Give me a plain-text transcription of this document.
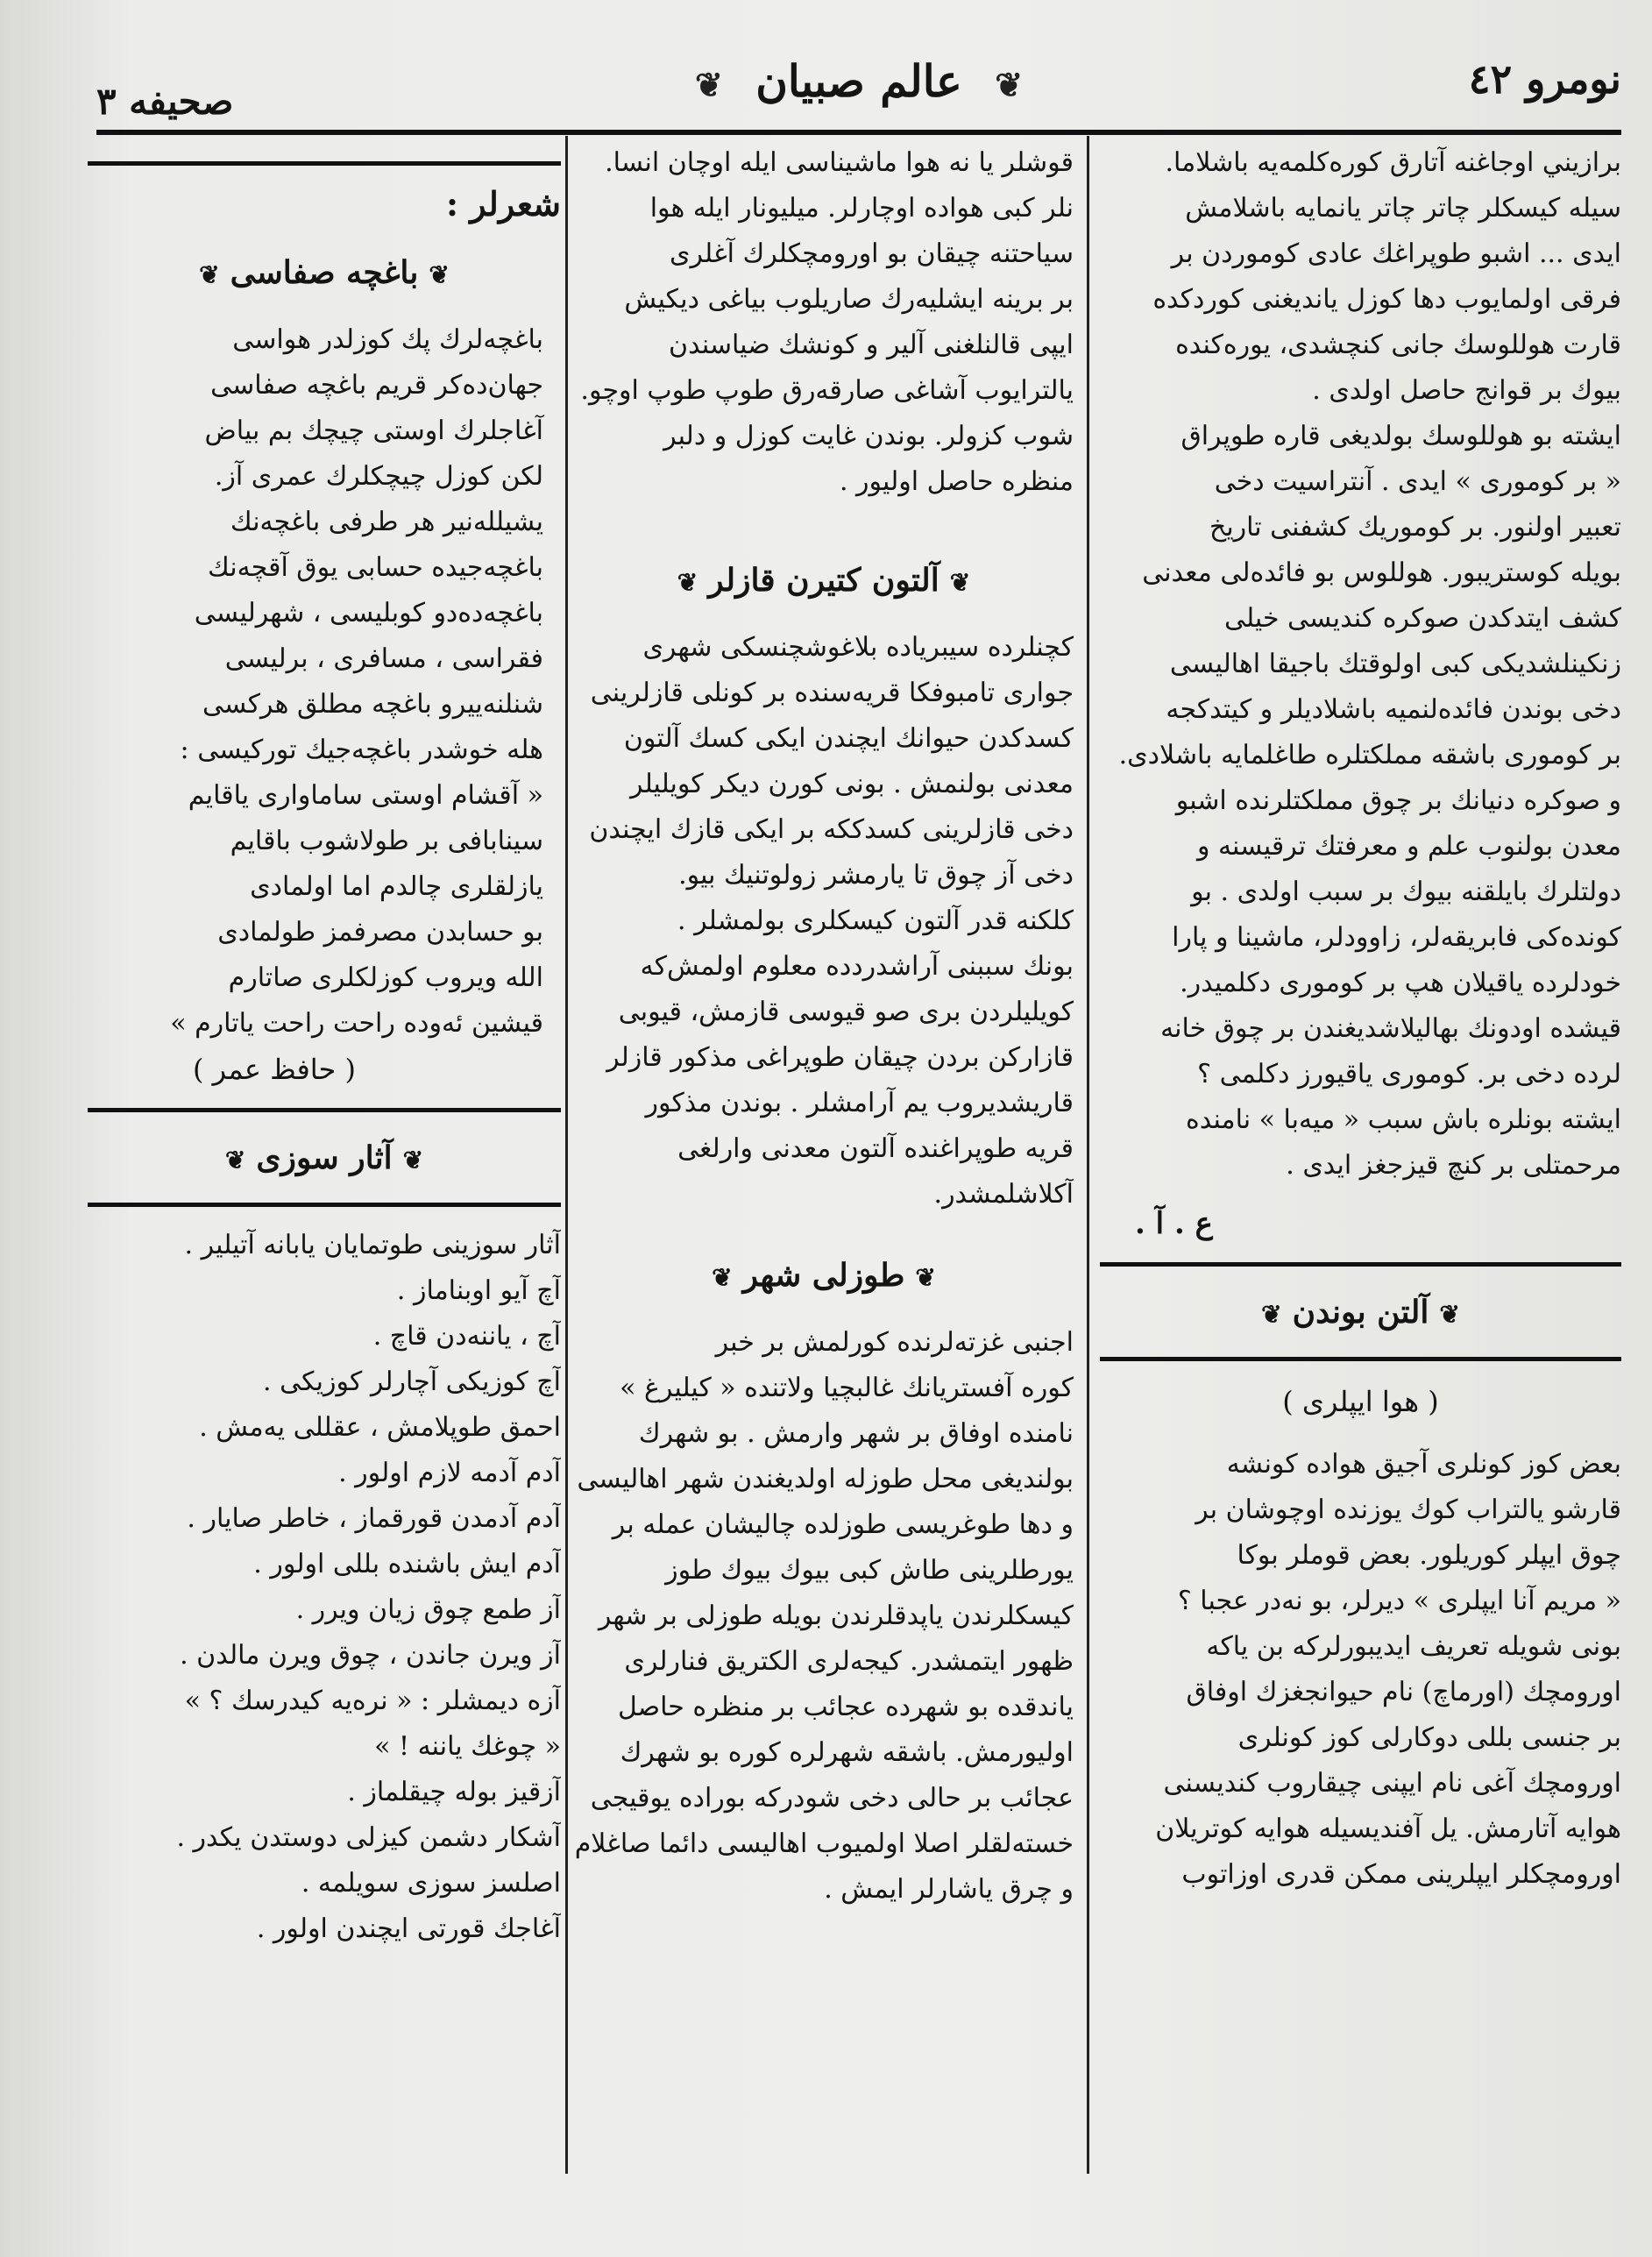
نومرو ٤٢
❦ عالم صبيان ❦
صحيفه ٣

برازيني اوجاغنه آتارق كوره‌كلمه‌يه باشلاما.

سيله كيسكلر چاتر چاتر يانمايه باشلامش

ايدی ... اشبو طوپراغك عادی كوموردن بر

فرقی اولمايوب دها كوزل يانديغنی كوردكده

قارت هوللوسك جانی كنچشدی، يوره‌كنده

بيوك بر قوانج حاصل اولدی .

ايشته بو هوللوسك بولديغی قاره طوپراق

« بر كوموری » ايدی . آنتراسيت دخی

تعبير اولنور. بر كوموريك كشفنی تاريخ

بويله كوستريبور. هوللوس بو فائده‌لی معدنی

كشف ايتدكدن صوكره كنديسی خيلی

زنكينلشديكی كبی اولوقتك باجيقا اهاليسی

دخی بوندن فائده‌لنميه باشلاديلر و كيتدكجه

بر كوموری باشقه مملكتلره طاغلمايه باشلادی.

و صوكره دنيانك بر چوق مملكتلرنده اشبو

معدن بولنوب علم و معرفتك ترقيسنه و

دولتلرك بايلقنه بيوك بر سبب اولدی . بو

كوندەكی فابريقه‌لر، زاوودلر، ماشينا و پارا

خودلرده ياقيلان هپ بر كوموری دكلميدر.

قيشده اودونك بهاليلاشديغندن بر چوق خانه‌

لرده دخی بر. كوموری ياقيورز دكلمی ؟

ايشته بونلره باش سبب « ميه‌با » نامنده

مرحمتلی بر كنچ قيزجغز ايدی .

ع . آ .
❦آلتن بوندن❦
( هوا ايپلری )

بعض كوز كونلری آجيق هوادە كونشه

قارشو يالتراب كوك يوزنده اوچوشان بر

چوق ايپلر كوريلور. بعض قوملر بوكا

« مريم آنا ايپلری » ديرلر، بو نه‌در عجبا ؟

بونی شويله تعريف ايديبورلركه بن ياكه

اورومچك (اورماچ) نام حيوانجغزك اوفاق

بر جنسی بللی دوكارلی كوز كونلری

اورومچك آغی نام ايپنی چيقاروب كنديسنی

هوايه آتارمش. يل آفنديسيله هوايه كوتريلان

اورومچكلر ايپلرينی ممكن قدری اوزاتوب

قوشلر يا نه هوا ماشيناسی ايله اوچان انسا.

نلر كبی هوادە اوچارلر. ميليونار ايله هوا

سياحتنه چيقان بو اورومچكلرك آغلری

بر برينه ايشليه‌رك صاريلوب بياغی ديكيش

ايپی قالنلغنی آلير و كونشك ضياسندن

يالترايوب آشاغی صارقه‌رق طوپ طوپ اوچو.

شوب كزولر. بوندن غايت كوزل و دلبر

منظره حاصل اوليور .

❦آلتون كتيرن قازلر❦

كچنلرده سيبريا‌ده بلاغوشچنسكی شهری

جواری تامبوفكا قريه‌سنده بر كونلی قازلرينی

كسدكدن حيوانك ايچندن ايكی كسك آلتون

معدنی بولنمش . بونی كورن ديكر كويليلر

دخی قازلرينی كسدككه بر ايكی قازك ايچندن

دخی آز چوق تا يارمشر زولوتنيك بيو.

كلكنه قدر آلتون كيسكلری بولمشلر .

بونك سببنی آراشدرددە معلوم اولمش‌كه

كويليلردن بری صو قيوسی قازمش، قيوبی

قازاركن بردن چيقان طوپراغی مذكور قازلر

قاريشديروب يم آرامشلر . بوندن مذكور

قريه طوپراغنده آلتون معدنی وارلغی

آكلاشلمشدر.

❦طوزلی شهر❦

اجنبی غزته‌لرنده كورلمش بر خبر

كوره آفستريانك غالبچيا ولاتنده « كيليرغ »

نامنده اوفاق بر شهر وارمش . بو شهرك

بولنديغی محل طوزله اولديغندن شهر اهاليسی

و دها طوغريسی طوزلده چاليشان عمله بر

يورطلرينی طاش كبی بيوك بيوك طوز

كيسكلرندن ياپدقلرندن بويله طوزلی بر شهر

ظهور ايتمشدر. كيجه‌لری الكتريق فنارلری

ياندقده بو شهرده عجائب بر منظره حاصل

اوليورمش. باشقه شهرلره كوره بو شهرك

عجائب بر حالی دخی شودركه بوراده يوقيجی

خسته‌لقلر اصلا اولميوب اهاليسی دائما صاغلام

و چرق ياشارلر ايمش .

شعرلر :
❦باغچه صفاسی❦

باغچه‌لرك پك كوزلدر هواسی

جهان‌ده‌كر قريم باغچه صفاسی

آغاجلرك اوستی چيچك بم بياض

لكن كوزل چيچكلرك عمری آز.

يشيلله‌نير هر طرفی باغچه‌نك

باغچه‌جيده حسابی يوق آقچه‌نك

باغچه‌ده‌دو كوبليسی ، شهرليسی

فقراسی ، مسافری ، برليسی

شنلنه‌ييرو باغچه مطلق هركسی

هله خوشدر باغچه‌جيك توركيسی :

« آقشام اوستی ساماواری ياقايم

سينابافی بر طولاشوب باقايم

يازلقلری چالدم اما اولمادی

بو حسابدن مصرفمز طولمادی

الله ويروب كوزلكلری صاتارم

قيشين ئه‌وده راحت راحت ياتارم »

( حافظ عمر )
❦آثار سوزی❦

آثار سوزينی طوتمايان يابانه آتيلير .

آچ آيو اوبناماز .

آچ ، ياننه‌دن قاچ .

آچ كوزيكی آچارلر كوزيكی .

احمق طوپلامش ، عقللی يه‌مش .

آدم آدمه لازم اولور .

آدم آدمدن قورقماز ، خاطر صايار .

آدم ايش باشنده بللی اولور .

آز طمع چوق زيان ويرر .

آز ويرن جاندن ، چوق ويرن مالدن .

آزه ديمشلر : « نره‌يه كيدرسك ؟ »

« چوغك ياننه ! »

آزقيز بوله چيقلماز .

آشكار دشمن كيزلی دوستدن يكدر .

اصلسز سوزی سويلمه .

آغاجك قورتی ايچندن اولور .
